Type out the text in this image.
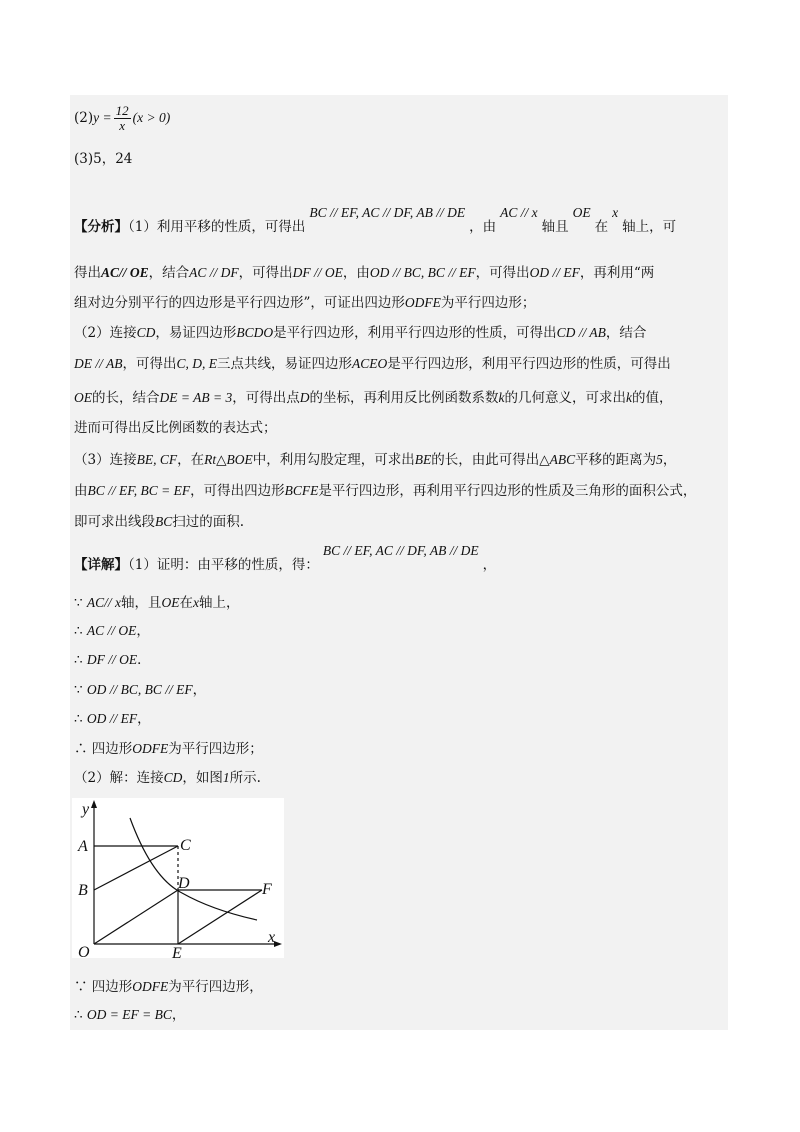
$(2)y = \frac{12}{x} (x > 0)$
(3)5，24
【分析】（1）利用平移的性质，可得出BC // EF, AC // DF, AB // DE，由AC // x轴且OE在x轴上，可
得出AC// OE，结合AC // DF，可得出DF // OE，由OD // BC, BC // EF，可得出OD // EF，再利用“两
组对边分别平行的四边形是平行四边形”，可证出四边形ODFE为平行四边形；
（2）连接CD，易证四边形BCDO是平行四边形，利用平行四边形的性质，可得出CD // AB，结合
DE // AB，可得出C, D, E三点共线，易证四边形ACEO是平行四边形，利用平行四边形的性质，可得出
OE的长，结合DE = AB = 3，可得出点D的坐标，再利用反比例函数系数k的几何意义，可求出k的值，
进而可得出反比例函数的表达式；
（3）连接BE, CF，在Rt△BOE中，利用勾股定理，可求出BE的长，由此可得出△ABC平移的距离为5，
由BC // EF, BC = EF，可得出四边形BCFE是平行四边形，再利用平行四边形的性质及三角形的面积公式，
即可求出线段BC扫过的面积.
【详解】（1）证明：由平移的性质，得：BC // EF, AC // DF, AB // DE，
∵ AC// x轴，且OE在x轴上，
∴ AC // OE，
∴ DF // OE．
∵ OD // BC, BC // EF，
∴ OD // EF，
∴ 四边形ODFE为平行四边形；
（2）解：连接CD，如图1所示.
y
x
A
B
C
D
E
F
O
∵ 四边形ODFE为平行四边形，
∴ OD = EF = BC，
